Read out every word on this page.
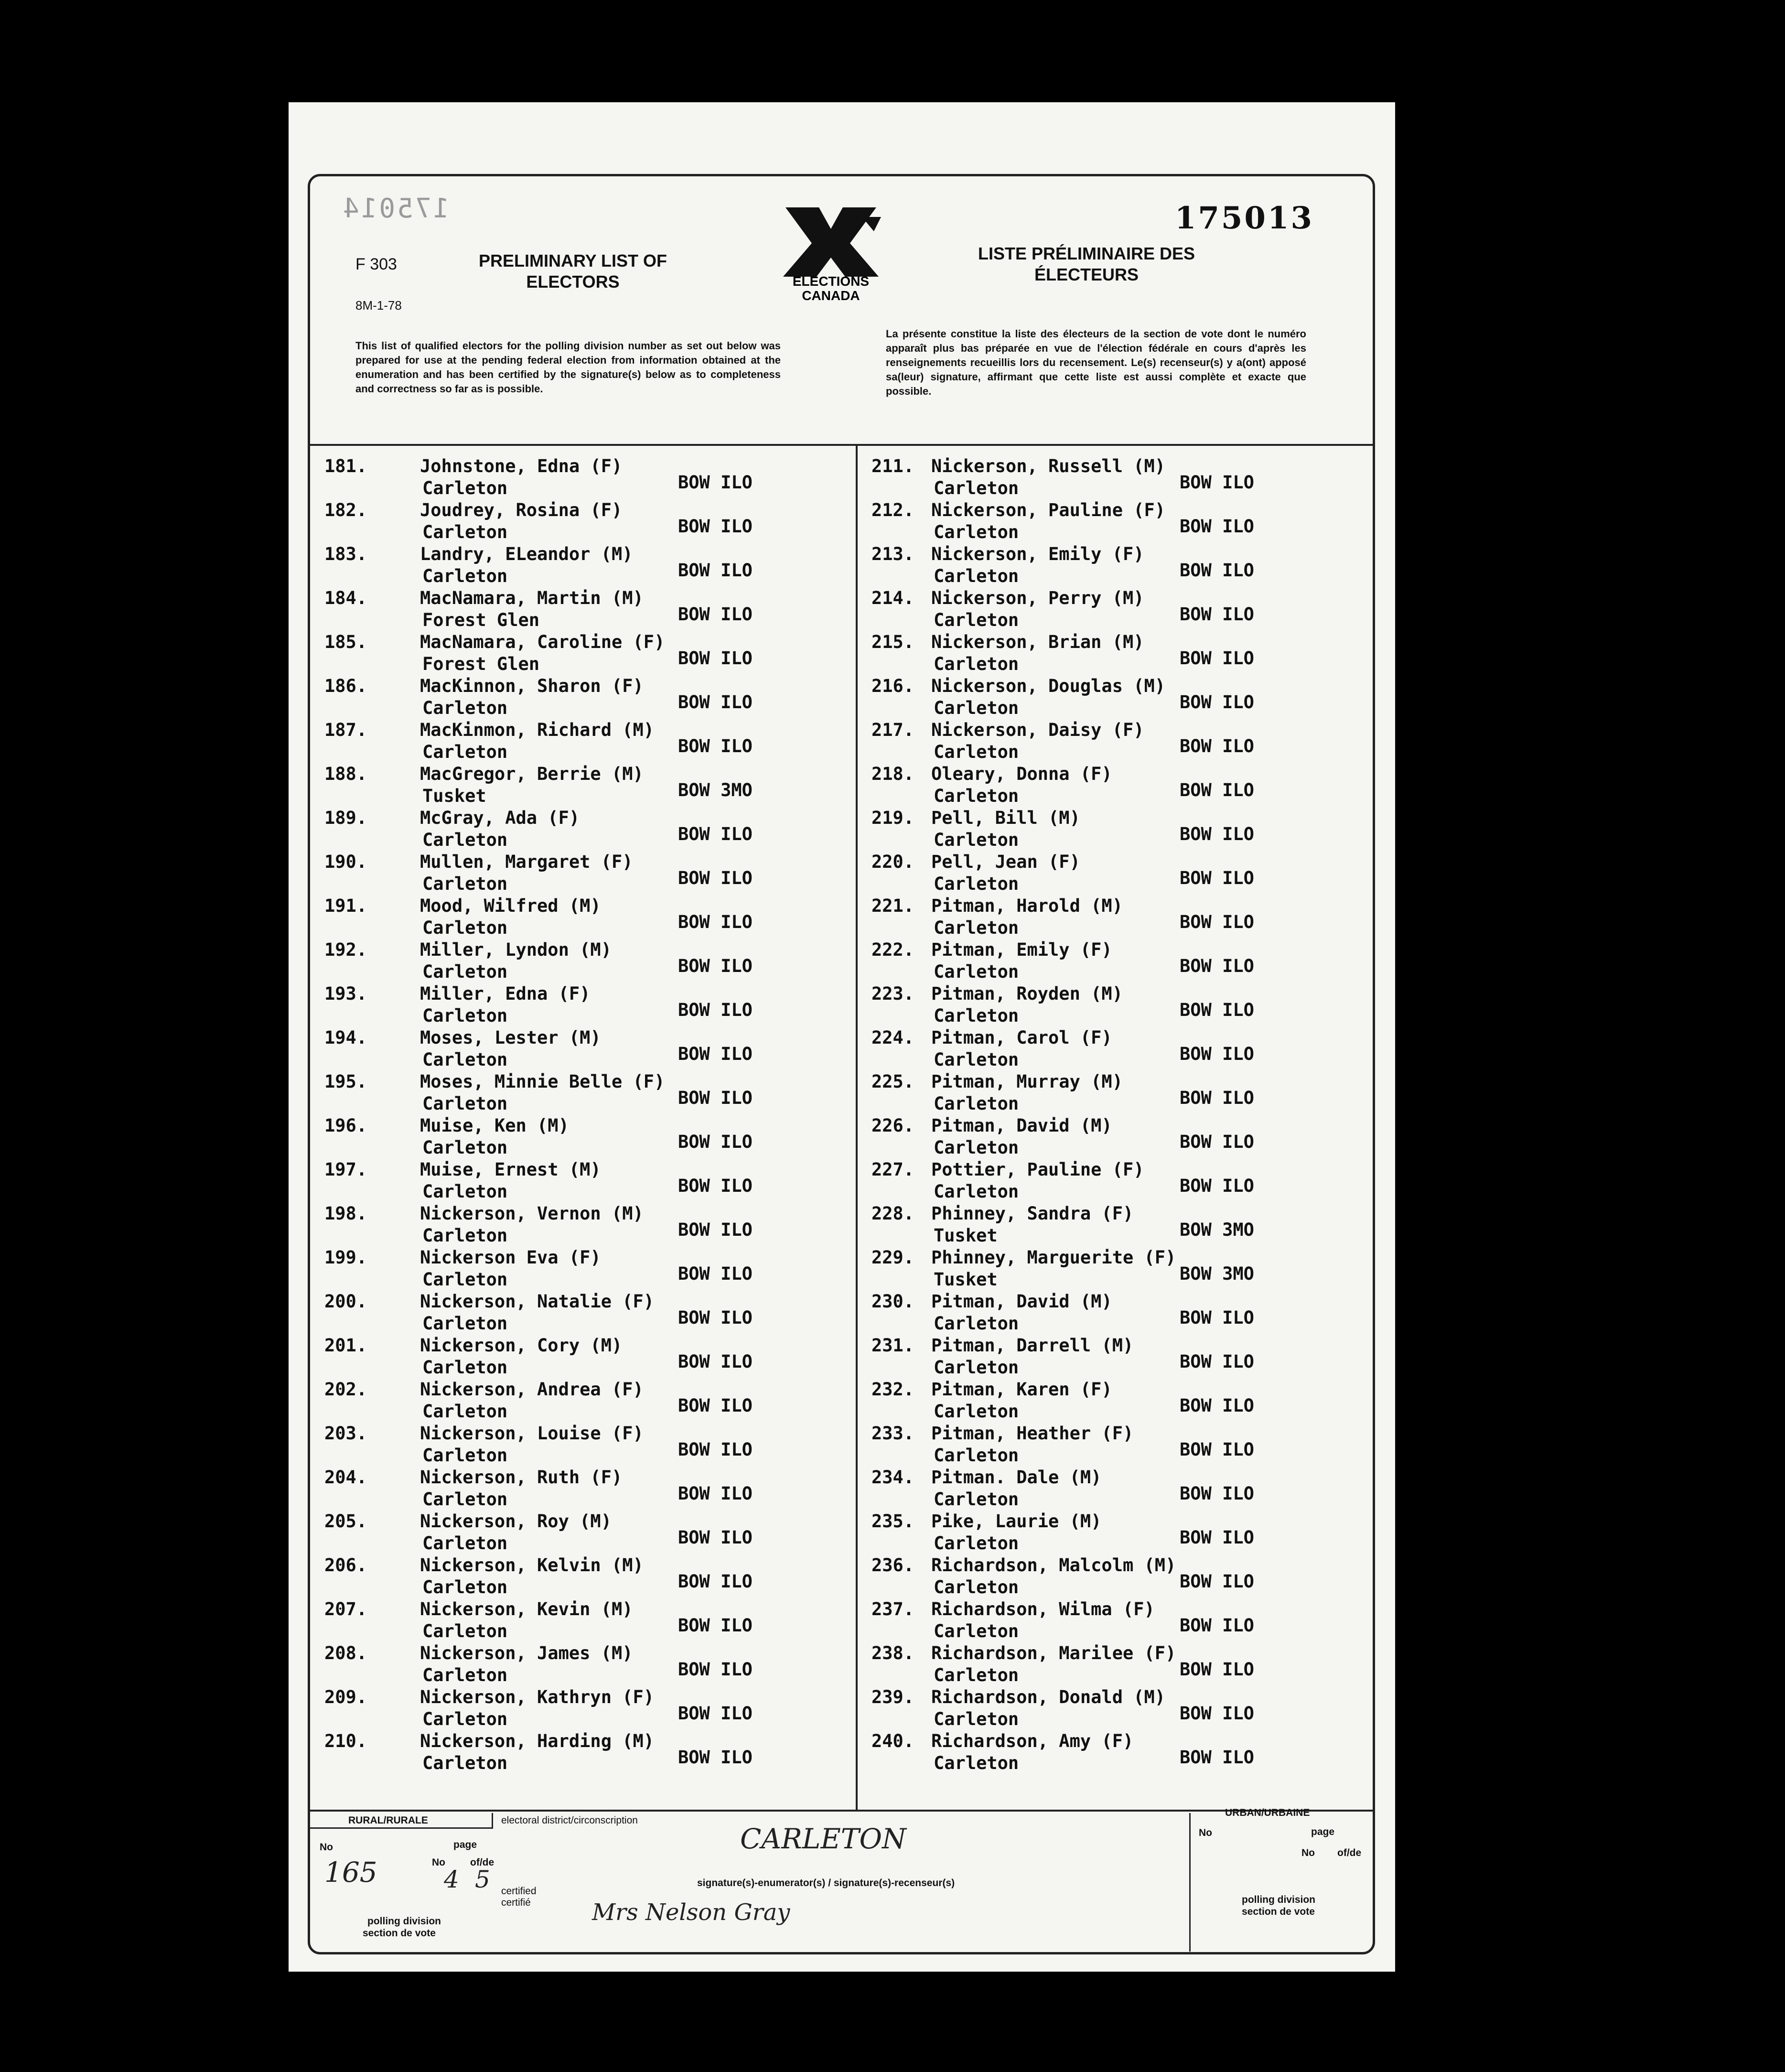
175014	175013
F 303
8M-1-78
PRELIMINARY LIST OF ELECTORS
LISTE PRÉLIMINAIRE DES ÉLECTEURS
ELECTIONS CANADA
This list of qualified electors for the polling division number as set out below was prepared for use at the pending federal election from information obtained at the enumeration and has been certified by the signature(s) below as to completeness and correctness so far as is possible.
La présente constitue la liste des électeurs de la section de vote dont le numéro apparaît plus bas préparée en vue de l'élection fédérale en cours d'après les renseignements recueillis lors du recensement. Le(s) recenseur(s) y a(ont) apposé sa(leur) signature, affirmant que cette liste est aussi complète et exacte que possible.
181.	Johnstone, Edna (F)
Carleton	BOW ILO
182.	Joudrey, Rosina (F)
Carleton	BOW ILO
183.	Landry, ELeandor (M)
Carleton	BOW ILO
184.	MacNamara, Martin (M)
Forest Glen	BOW ILO
185.	MacNamara, Caroline (F)
Forest Glen	BOW ILO
186.	MacKinnon, Sharon (F)
Carleton	BOW ILO
187.	MacKinmon, Richard (M)
Carleton	BOW ILO
188.	MacGregor, Berrie (M)
Tusket	BOW 3MO
189.	McGray, Ada (F)
Carleton	BOW ILO
190.	Mullen, Margaret (F)
Carleton	BOW ILO
191.	Mood, Wilfred (M)
Carleton	BOW ILO
192.	Miller, Lyndon (M)
Carleton	BOW ILO
193.	Miller, Edna (F)
Carleton	BOW ILO
194.	Moses, Lester (M)
Carleton	BOW ILO
195.	Moses, Minnie Belle (F)
Carleton	BOW ILO
196.	Muise, Ken (M)
Carleton	BOW ILO
197.	Muise, Ernest (M)
Carleton	BOW ILO
198.	Nickerson, Vernon (M)
Carleton	BOW ILO
199.	Nickerson Eva (F)
Carleton	BOW ILO
200.	Nickerson, Natalie (F)
Carleton	BOW ILO
201.	Nickerson, Cory (M)
Carleton	BOW ILO
202.	Nickerson, Andrea (F)
Carleton	BOW ILO
203.	Nickerson, Louise (F)
Carleton	BOW ILO
204.	Nickerson, Ruth (F)
Carleton	BOW ILO
205.	Nickerson, Roy (M)
Carleton	BOW ILO
206.	Nickerson, Kelvin (M)
Carleton	BOW ILO
207.	Nickerson, Kevin (M)
Carleton	BOW ILO
208.	Nickerson, James (M)
Carleton	BOW ILO
209.	Nickerson, Kathryn (F)
Carleton	BOW ILO
210.	Nickerson, Harding (M)
Carleton	BOW ILO
211. Nickerson, Russell (M)
Carleton	BOW ILO
212. Nickerson, Pauline (F)
Carleton	BOW ILO
213. Nickerson, Emily (F)
Carleton	BOW ILO
214. Nickerson, Perry (M)
Carleton	BOW ILO
215. Nickerson, Brian (M)
Carleton	BOW ILO
216. Nickerson, Douglas (M)
Carleton	BOW ILO
217. Nickerson, Daisy (F)
Carleton	BOW ILO
218. Oleary, Donna (F)
Carleton	BOW ILO
219. Pell, Bill (M)
Carleton	BOW ILO
220. Pell, Jean (F)
Carleton	BOW ILO
221. Pitman, Harold (M)
Carleton	BOW ILO
222. Pitman, Emily (F)
Carleton	BOW ILO
223. Pitman, Royden (M)
Carleton	BOW ILO
224. Pitman, Carol (F)
Carleton	BOW ILO
225. Pitman, Murray (M)
Carleton	BOW ILO
226. Pitman, David (M)
Carleton	BOW ILO
227. Pottier, Pauline (F)
Carleton	BOW ILO
228. Phinney, Sandra (F)
Tusket	BOW 3MO
229. Phinney, Marguerite (F)
Tusket	BOW 3MO
230. Pitman, David (M)
Carleton	BOW ILO
231. Pitman, Darrell (M)
Carleton	BOW ILO
232. Pitman, Karen (F)
Carleton	BOW ILO
233. Pitman, Heather (F)
Carleton	BOW ILO
234. Pitman. Dale (M)
Carleton	BOW ILO
235. Pike, Laurie (M)
Carleton	BOW ILO
236. Richardson, Malcolm (M)
Carleton	BOW ILO
237. Richardson, Wilma (F)
Carleton	BOW ILO
238. Richardson, Marilee (F)
Carleton	BOW ILO
239. Richardson, Donald (M)
Carleton	BOW ILO
240. Richardson, Amy (F)
Carleton	BOW ILO
RURAL/RURALE	electoral district/circonscription
CARLETON
No	page
No of/de
165	4 5
polling division
section de vote
certified
certifié
signature(s)-enumerator(s) / signature(s)-recenseur(s)
Mrs Nelson Gray
URBAN/URBAINE
No	page
No of/de
polling division
section de vote
